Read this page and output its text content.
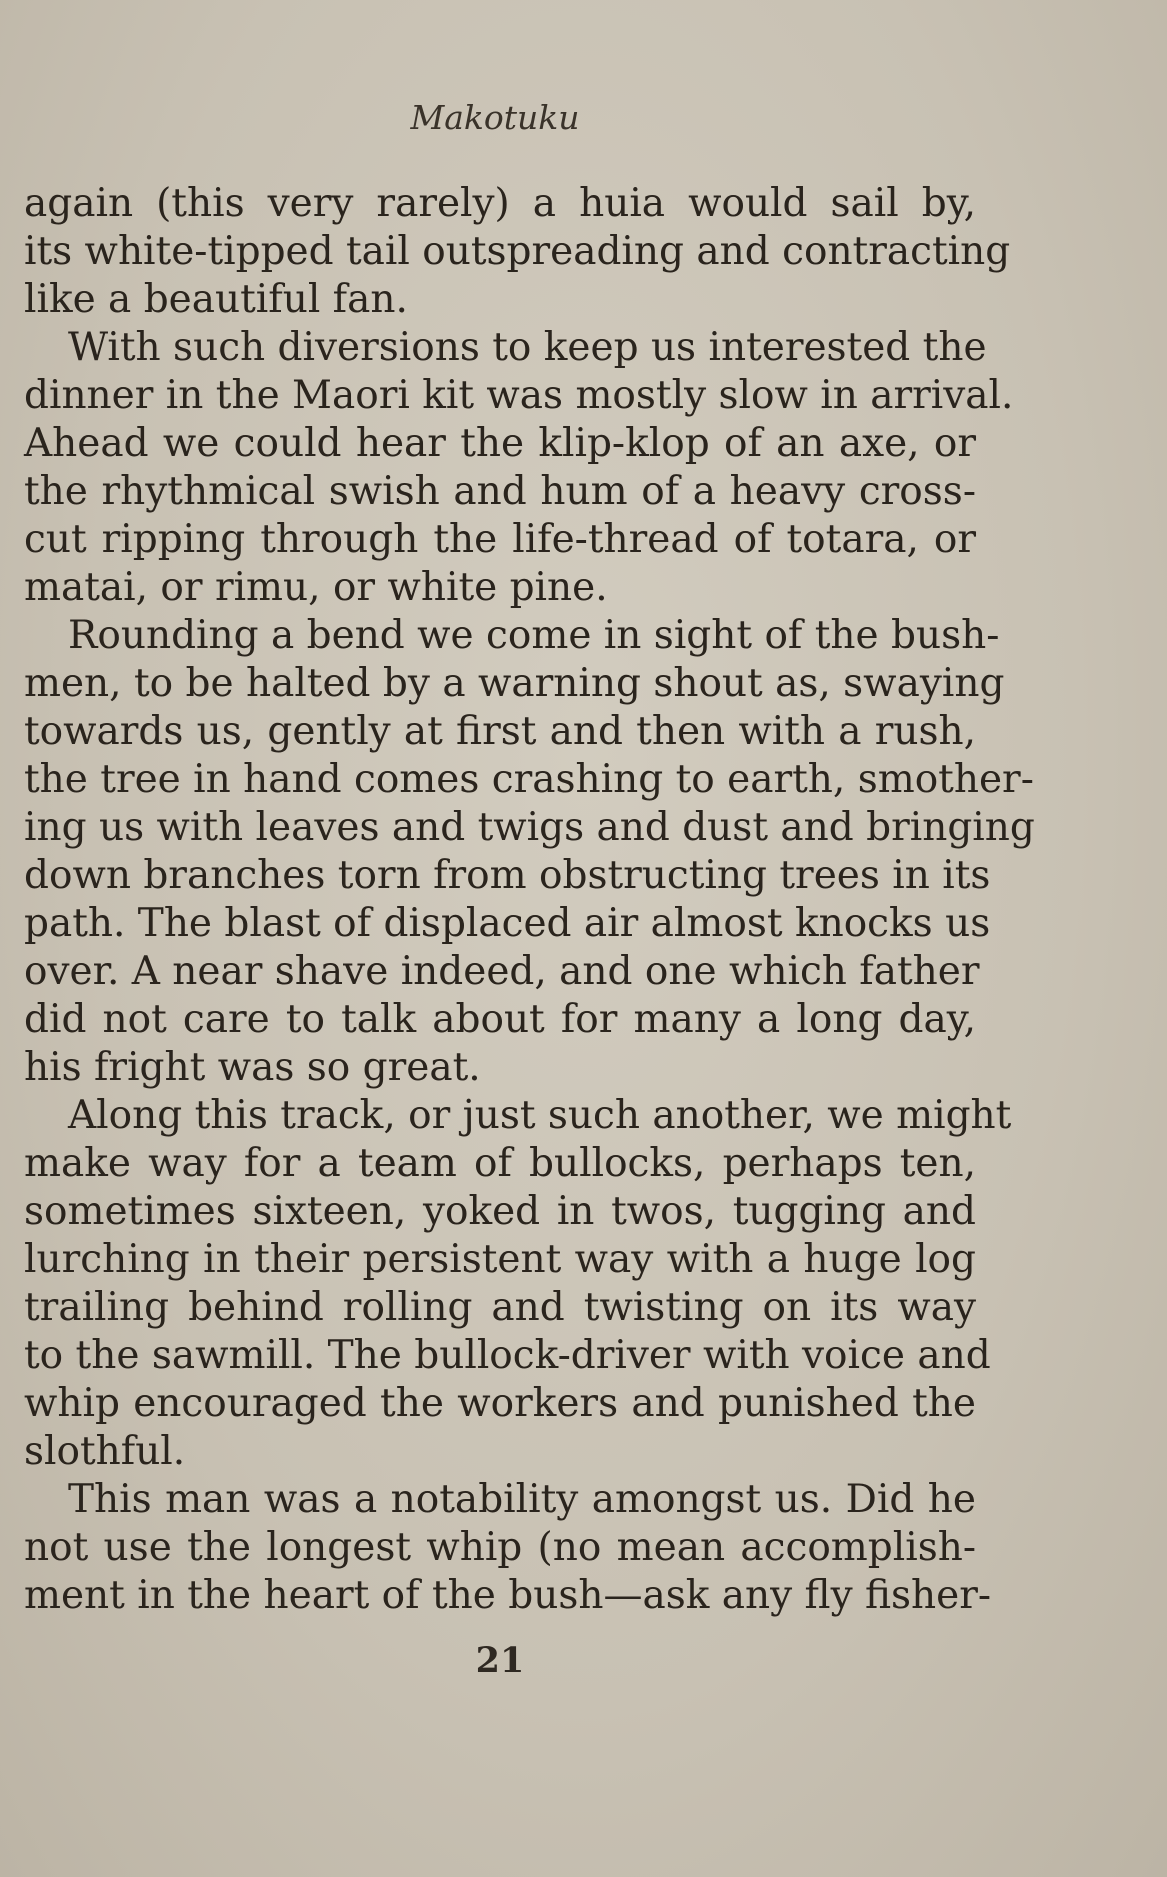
Makotuku
again (this very rarely) a huia would sail by,
its white-tipped tail outspreading and contracting
like a beautiful fan.
With such diversions to keep us interested the
dinner in the Maori kit was mostly slow in arrival.
Ahead we could hear the klip-klop of an axe, or
the rhythmical swish and hum of a heavy cross-
cut ripping through the life-thread of totara, or
matai, or rimu, or white pine.
Rounding a bend we come in sight of the bush-
men, to be halted by a warning shout as, swaying
towards us, gently at first and then with a rush,
the tree in hand comes crashing to earth, smother-
ing us with leaves and twigs and dust and bringing
down branches torn from obstructing trees in its
path. The blast of displaced air almost knocks us
over. A near shave indeed, and one which father
did not care to talk about for many a long day,
his fright was so great.
Along this track, or just such another, we might
make way for a team of bullocks, perhaps ten,
sometimes sixteen, yoked in twos, tugging and
lurching in their persistent way with a huge log
trailing behind rolling and twisting on its way
to the sawmill. The bullock-driver with voice and
whip encouraged the workers and punished the
slothful.
This man was a notability amongst us. Did he
not use the longest whip (no mean accomplish-
ment in the heart of the bush—ask any fly fisher-
21
